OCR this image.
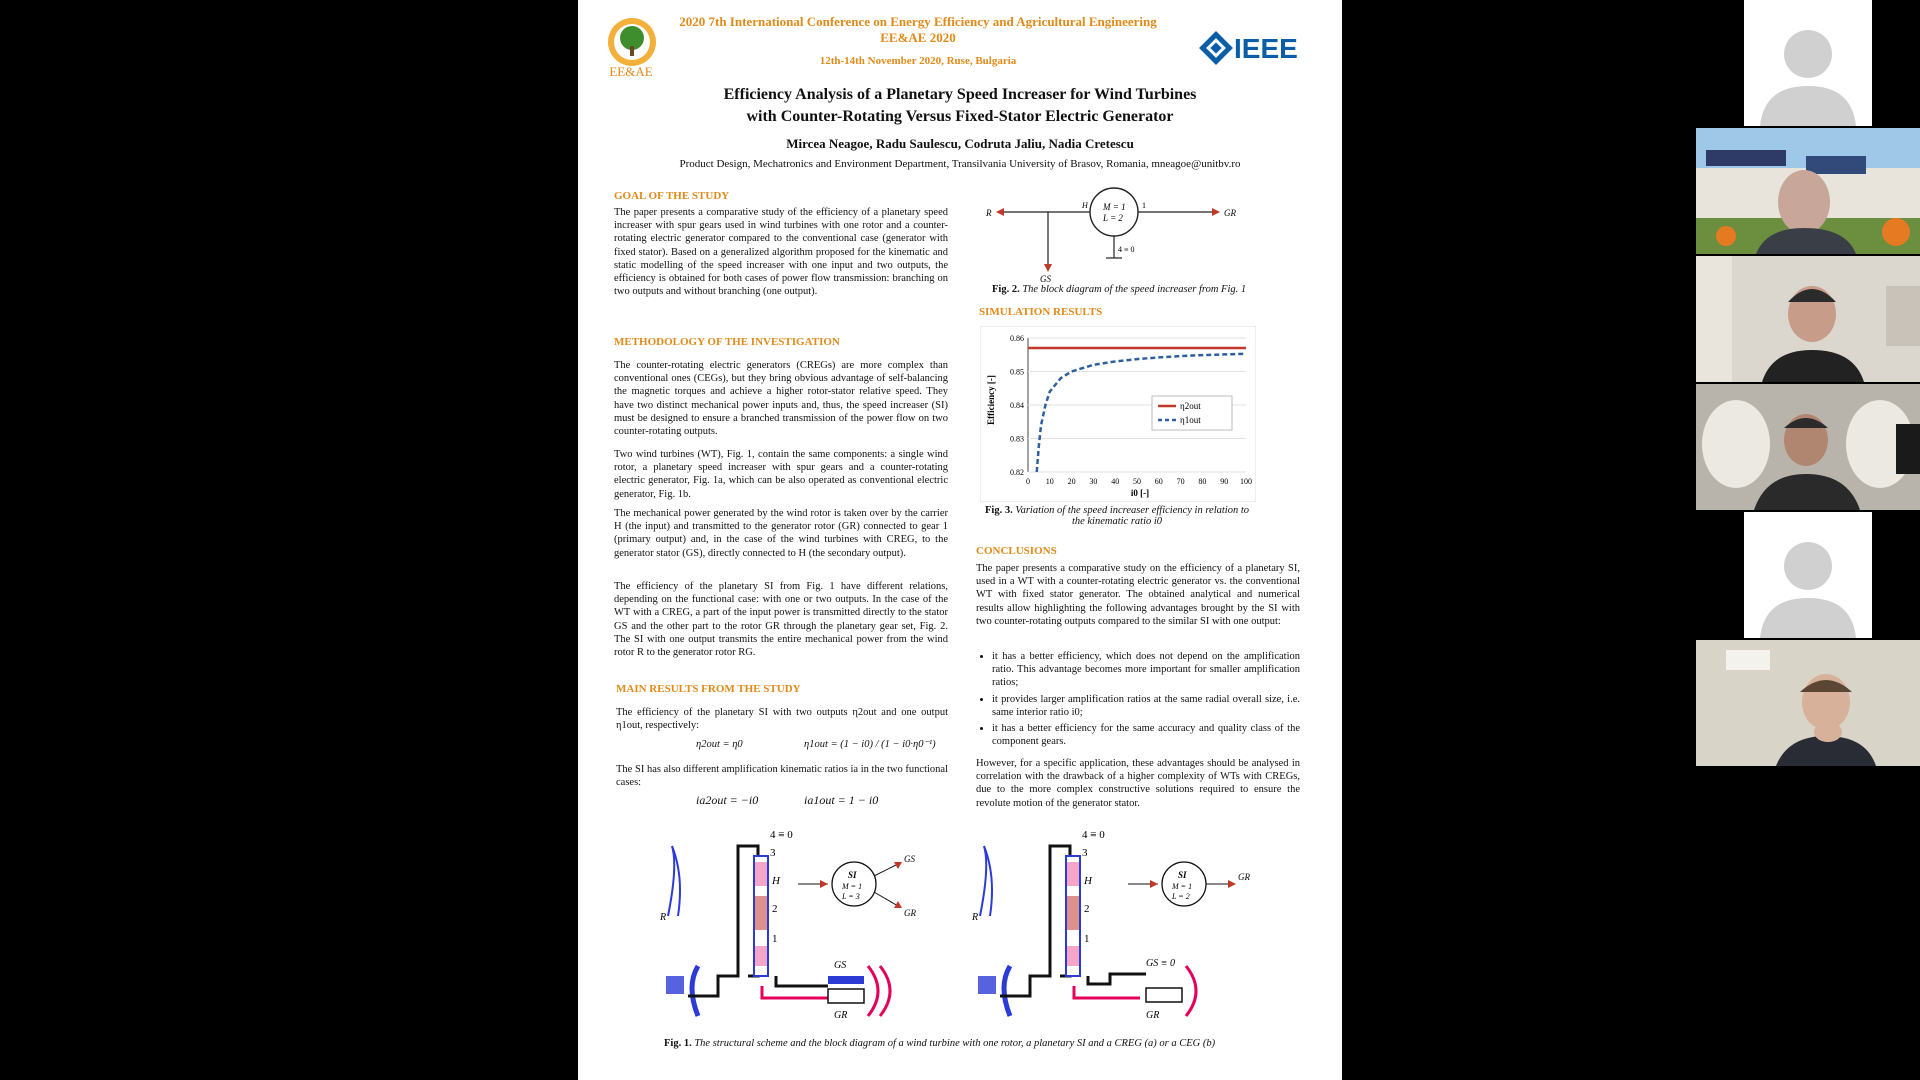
EE&AE
2020 7th International Conference on Energy Efficiency and Agricultural Engineering
EE&AE 2020
12th-14th November 2020, Ruse, Bulgaria	IEEE
Efficiency Analysis of a Planetary Speed Increaser for Wind Turbines
with Counter-Rotating Versus Fixed-Stator Electric Generator
Mircea Neagoe, Radu Saulescu, Codruta Jaliu, Nadia Cretescu
Product Design, Mechatronics and Environment Department, Transilvania University of Brasov, Romania, mneagoe@unitbv.ro
GOAL OF THE STUDY
The paper presents a comparative study of the efficiency of a planetary speed increaser with spur gears used in wind turbines with one rotor and a counter-rotating electric generator compared to the conventional case (generator with fixed stator). Based on a generalized algorithm proposed for the kinematic and static modelling of the speed increaser with one input and two outputs, the efficiency is obtained for both cases of power flow transmission: branching on two outputs and without branching (one output).
METHODOLOGY OF THE INVESTIGATION
The counter-rotating electric generators (CREGs) are more complex than conventional ones (CEGs), but they bring obvious advantage of self-balancing the magnetic torques and achieve a higher rotor-stator relative speed. They have two distinct mechanical power inputs and, thus, the speed increaser (SI) must be designed to ensure a branched transmission of the power flow on two counter-rotating outputs.
Two wind turbines (WT), Fig. 1, contain the same components: a single wind rotor, a planetary speed increaser with spur gears and a counter-rotating electric generator, Fig. 1a, which can be also operated as conventional electric generator, Fig. 1b.
The mechanical power generated by the wind rotor is taken over by the carrier H (the input) and transmitted to the generator rotor (GR) connected to gear 1 (primary output) and, in the case of the wind turbines with CREG, to the generator stator (GS), directly connected to H (the secondary output).
The efficiency of the planetary SI from Fig. 1 have different relations, depending on the functional case: with one or two outputs. In the case of the WT with a CREG, a part of the input power is transmitted directly to the stator GS and the other part to the rotor GR through the planetary gear set, Fig. 2. The SI with one output transmits the entire mechanical power from the wind rotor R to the generator rotor RG.
MAIN RESULTS FROM THE STUDY
The efficiency of the planetary SI with two outputs η2out and one output η1out, respectively:
η2out = η0	η1out = (1 − i0) / (1 − i0·η0⁻¹)
The SI has also different amplification kinematic ratios ia in the two functional cases:
ia2out = −i0	ia1out = 1 − i0
M = 1
L = 2
R	GR
GS
H	1
4 ≡ 0
Fig. 2. The block diagram of the speed increaser from Fig. 1
SIMULATION RESULTS
0.82
0.83
0.84
0.85
0.86
0 10 20 30 40 50 60 70 80 90 100
i0 [-]
Efficiency [-]	η2out
η1out
Fig. 3. Variation of the speed increaser efficiency in relation to the kinematic ratio i0
CONCLUSIONS
The paper presents a comparative study on the efficiency of a planetary SI, used in a WT with a counter-rotating electric generator vs. the conventional WT with fixed stator generator. The obtained analytical and numerical results allow highlighting the following advantages brought by the SI with two counter-rotating outputs compared to the similar SI with one output:
• it has a better efficiency, which does not depend on the amplification ratio. This advantage becomes more important for smaller amplification ratios;
• it provides larger amplification ratios at the same radial overall size, i.e. same interior ratio i0;
• it has a better efficiency for the same accuracy and quality class of the component gears.
However, for a specific application, these advantages should be analysed in correlation with the drawback of a higher complexity of WTs with CREGs, due to the more complex constructive solutions required to ensure the revolute motion of the generator stator.
4 ≡ 0
3
H
2
1
GS
GR
R
SI
M = 1
L = 3
GS
GR
4 ≡ 0
3
H
2
1
GS ≡ 0
GR
R
SI
M = 1
L = 2
GR
Fig. 1. The structural scheme and the block diagram of a wind turbine with one rotor, a planetary SI and a CREG (a) or a CEG (b)
